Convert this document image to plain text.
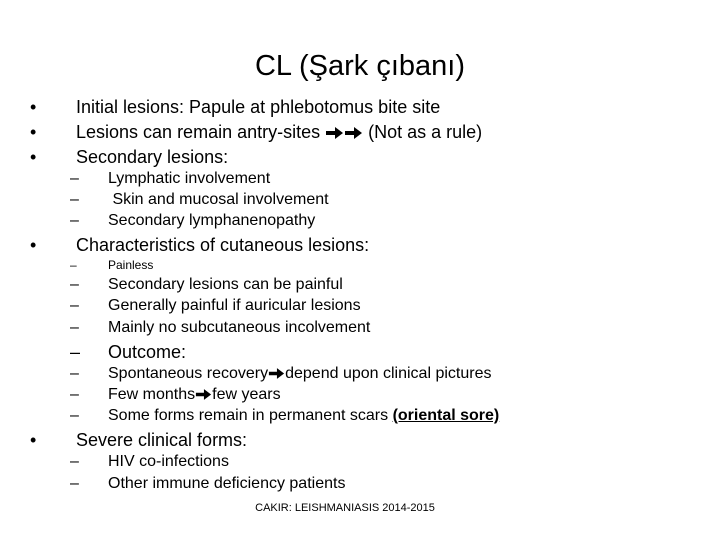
CL (Şark çıbanı)
• Initial lesions: Papule at phlebotomus bite site
• Lesions can remain antry-sites	(Not as a rule)
• Secondary lesions:
– Lymphatic involvement
– Skin and mucosal involvement
– Secondary lymphanenopathy
• Characteristics of cutaneous lesions:
–	Painless
– Secondary lesions can be painful
– Generally painful if auricular lesions
– Mainly no subcutaneous incolvement
– Outcome:
– Spontaneous recovery depend upon clinical pictures
– Few months few years
– Some forms remain in permanent scars (oriental sore)
• Severe clinical forms:
– HIV co-infections
– Other immune deficiency patients
CAKIR: LEISHMANIASIS 2014-2015
